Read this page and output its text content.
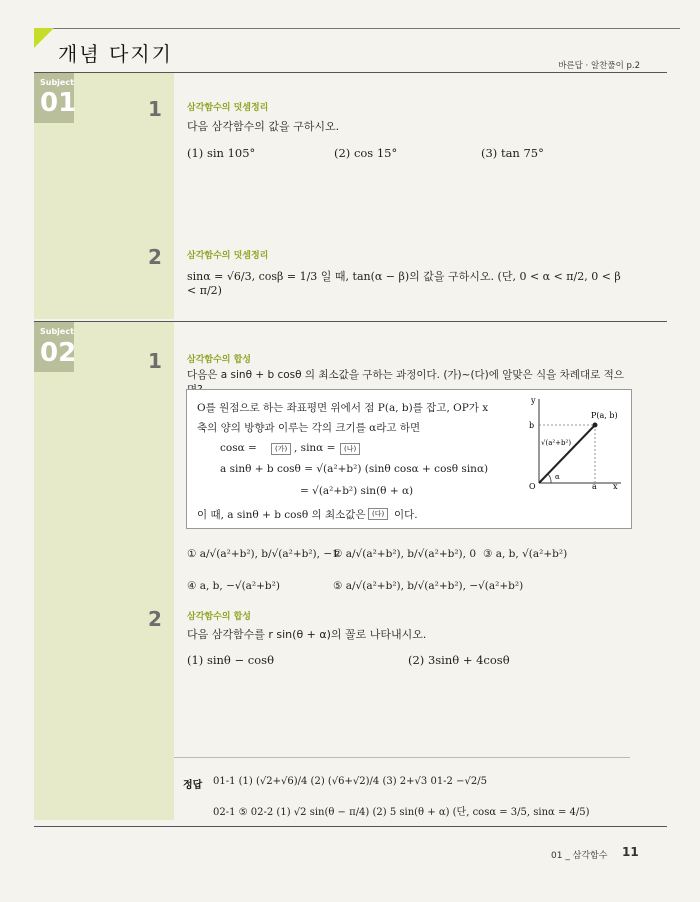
개념 다지기	바른답 · 알찬풀이 p.2
Subject
01	1	삼각함수의 덧셈정리
다음 삼각함수의 값을 구하시오.
(1) sin 105°	(2) cos 15°	(3) tan 75°
2	삼각함수의 덧셈정리
sinα = √6/3, cosβ = 1/3 일 때, tan(α − β)의 값을 구하시오. (단, 0 < α < π/2, 0 < β < π/2)
Subject
02	1	삼각함수의 합성
다음은 a sinθ + b cosθ 의 최소값을 구하는 과정이다. (가)~(다)에 알맞은 식을 차례대로 적으
O를 원점으로 하는 좌표평면 위에서 점 P(a, b)를 잡고, OP가 x
축의 양의 방향과 이루는 각의 크기를 α라고 하면
cosα =	(가) , sinα =	(나)
a sinθ + b cosθ = √(a²+b²) (sinθ cosα + cosθ sinα)
= √(a²+b²) sin(θ + α)
이 때, a sinθ + b cosθ 의 최소값은 (다) 이다.
y
b
P(a, b)
√(a²+b²)
α
O	a x
① a/√(a²+b²), b/√(a²+b²), −1
② a/√(a²+b²), b/√(a²+b²), 0 ③ a, b, √(a²+b²)
④ a, b, −√(a²+b²)	⑤ a/√(a²+b²), b/√(a²+b²), −√(a²+b²)
2	삼각함수의 합성
다음 삼각함수를 r sin(θ + α)의 꼴로 나타내시오.
(1) sinθ − cosθ	(2) 3sinθ + 4cosθ
정답 01-1 (1) (√2+√6)/4 (2) (√6+√2)/4 (3) 2+√3 01-2 −√2/5
02-1 ⑤ 02-2 (1) √2 sin(θ − π/4) (2) 5 sin(θ + α) (단, cosα = 3/5, sinα = 4/5)
01 _ 삼각함수 11
